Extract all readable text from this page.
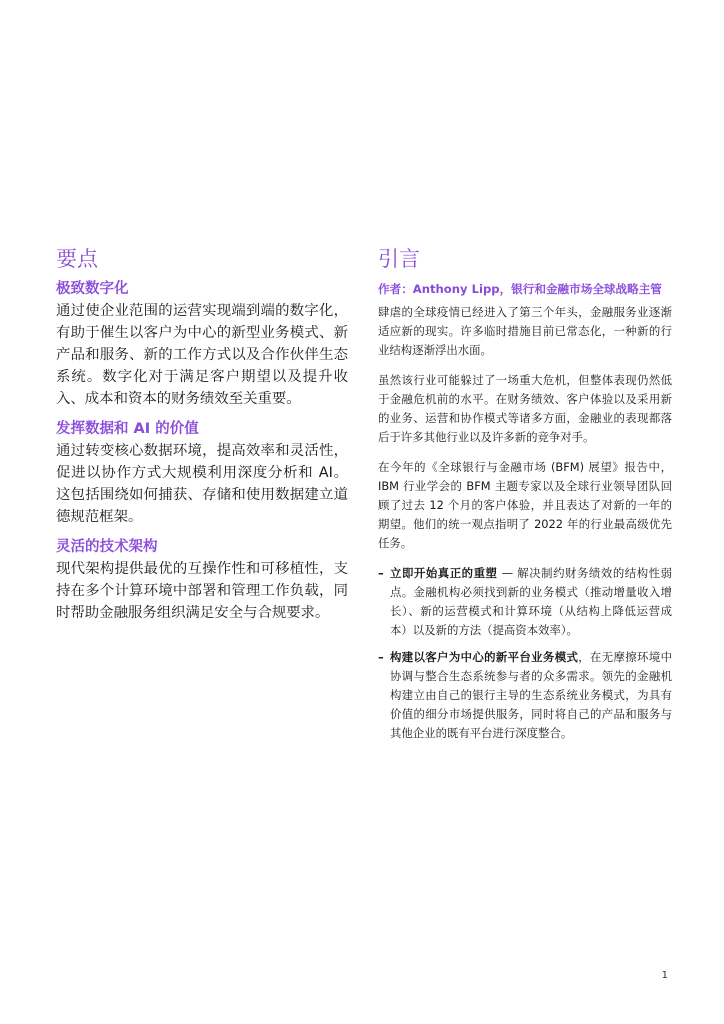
要点
极致数字化

通过使企业范围的运营实现端到端的数字化，有助于催生以客户为中心的新型业务模式、新产品和服务、新的工作方式以及合作伙伴生态系统。数字化对于满足客户期望以及提升收入、成本和资本的财务绩效至关重要。

发挥数据和 AI 的价值

通过转变核心数据环境，提高效率和灵活性，促进以协作方式大规模利用深度分析和 AI。这包括围绕如何捕获、存储和使用数据建立道德规范框架。

灵活的技术架构

现代架构提供最优的互操作性和可移植性，支持在多个计算环境中部署和管理工作负载，同时帮助金融服务组织满足安全与合规要求。

引言

作者：Anthony Lipp，银行和金融市场全球战略主管

肆虐的全球疫情已经进入了第三个年头，金融服务业逐渐适应新的现实。许多临时措施目前已常态化，一种新的行业结构逐渐浮出水面。

虽然该行业可能躲过了一场重大危机，但整体表现仍然低于金融危机前的水平。在财务绩效、客户体验以及采用新的业务、运营和协作模式等诸多方面，金融业的表现都落后于许多其他行业以及许多新的竞争对手。

在今年的《全球银行与金融市场 (BFM) 展望》报告中，IBM 行业学会的 BFM 主题专家以及全球行业领导团队回顾了过去 12 个月的客户体验，并且表达了对新的一年的期望。他们的统一观点指明了 2022 年的行业最高级优先任务。

– 立即开始真正的重塑 — 解决制约财务绩效的结构性弱点。金融机构必须找到新的业务模式（推动增量收入增长）、新的运营模式和计算环境（从结构上降低运营成本）以及新的方法（提高资本效率）。
– 构建以客户为中心的新平台业务模式，在无摩擦环境中协调与整合生态系统参与者的众多需求。领先的金融机构建立由自己的银行主导的生态系统业务模式，为具有价值的细分市场提供服务，同时将自己的产品和服务与其他企业的既有平台进行深度整合。
1
